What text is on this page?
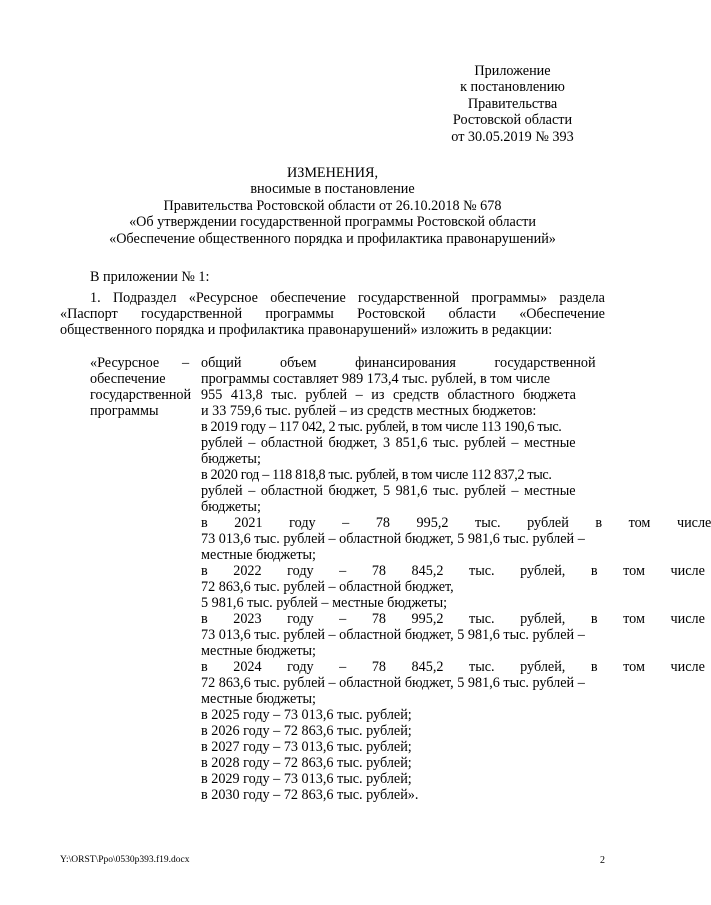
Приложение
к постановлению
Правительства
Ростовской области
от 30.05.2019 № 393
ИЗМЕНЕНИЯ,
вносимые в постановление
Правительства Ростовской области от 26.10.2018 № 678
«Об утверждении государственной программы Ростовской области
«Обеспечение общественного порядка и профилактика правонарушений»
В приложении № 1:
1. Подраздел «Ресурсное обеспечение государственной программы» раздела
«Паспорт государственной программы Ростовской области «Обеспечение
общественного порядка и профилактика правонарушений» изложить в редакции:
«Ресурсное
обеспечение
государственной
программы
– общий объем финансирования государственной
программы составляет 989 173,4 тыс. рублей, в том числе
955 413,8 тыс. рублей – из средств областного бюджета
и 33 759,6 тыс. рублей – из средств местных бюджетов:
в 2019 году – 117 042, 2 тыс. рублей, в том числе 113 190,6 тыс.
рублей – областной бюджет, 3 851,6 тыс. рублей – местные
бюджеты;
в 2020 год – 118 818,8 тыс. рублей, в том числе 112 837,2 тыс.
рублей – областной бюджет, 5 981,6 тыс. рублей – местные
бюджеты;
в 2021 году – 78 995,2 тыс. рублей в том числе
73 013,6 тыс. рублей – областной бюджет, 5 981,6 тыс. рублей –
местные бюджеты;
в 2022 году – 78 845,2 тыс. рублей, в том числе
72 863,6 тыс. рублей – областной бюджет,
5 981,6 тыс. рублей – местные бюджеты;
в 2023 году – 78 995,2 тыс. рублей, в том числе
73 013,6 тыс. рублей – областной бюджет, 5 981,6 тыс. рублей –
местные бюджеты;
в 2024 году – 78 845,2 тыс. рублей, в том числе
72 863,6 тыс. рублей – областной бюджет, 5 981,6 тыс. рублей –
местные бюджеты;
в 2025 году – 73 013,6 тыс. рублей;
в 2026 году – 72 863,6 тыс. рублей;
в 2027 году – 73 013,6 тыс. рублей;
в 2028 году – 72 863,6 тыс. рублей;
в 2029 году – 73 013,6 тыс. рублей;
в 2030 году – 72 863,6 тыс. рублей».
Y:\ORST\Ppo\0530p393.f19.docx	2
